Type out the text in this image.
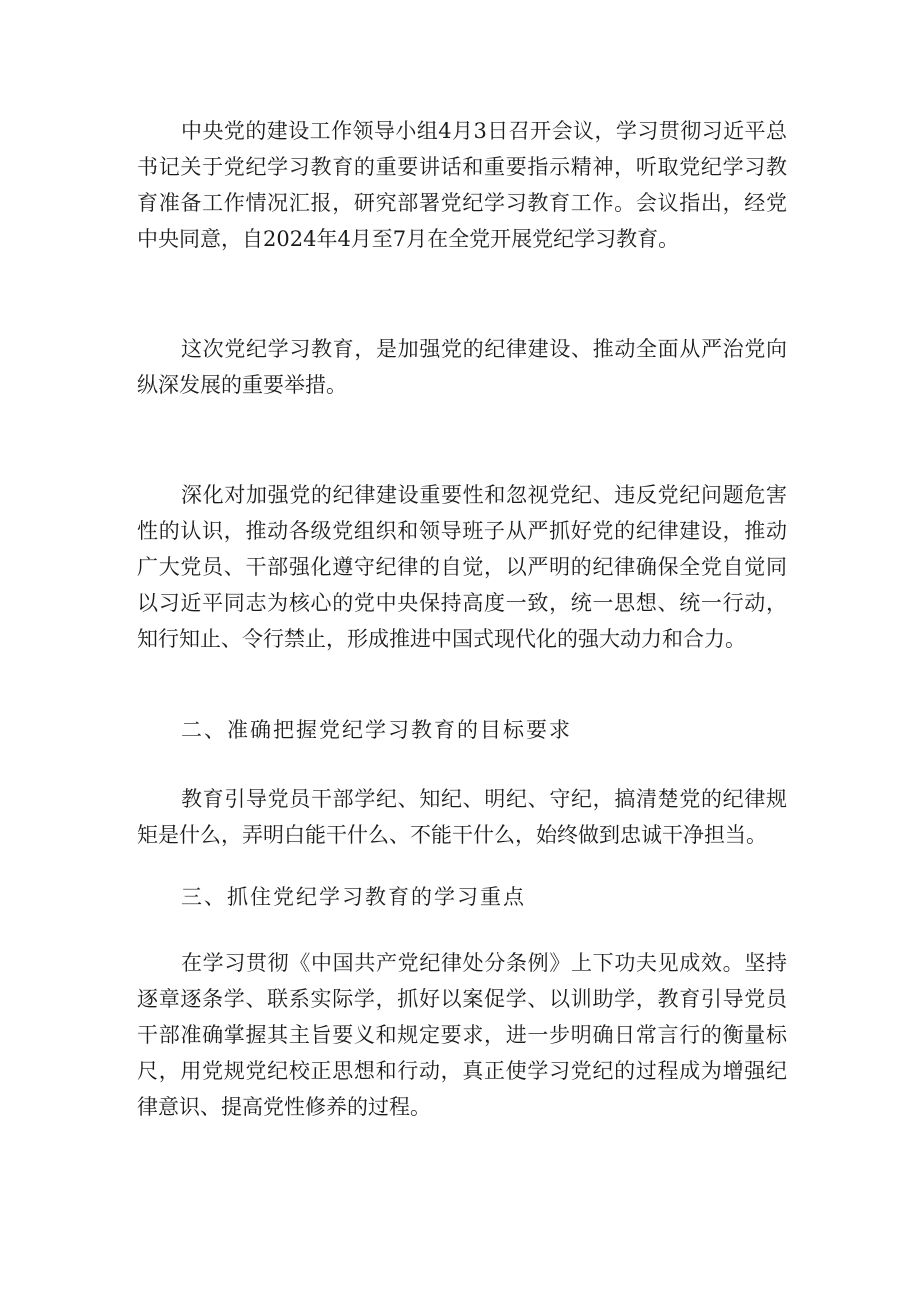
中央党的建设工作领导小组4月3日召开会议，学习贯彻习近平总书记关于党纪学习教育的重要讲话和重要指示精神，听取党纪学习教育准备工作情况汇报，研究部署党纪学习教育工作。会议指出，经党中央同意，自2024年4月至7月在全党开展党纪学习教育。

这次党纪学习教育，是加强党的纪律建设、推动全面从严治党向纵深发展的重要举措。

深化对加强党的纪律建设重要性和忽视党纪、违反党纪问题危害性的认识，推动各级党组织和领导班子从严抓好党的纪律建设，推动广大党员、干部强化遵守纪律的自觉，以严明的纪律确保全党自觉同以习近平同志为核心的党中央保持高度一致，统一思想、统一行动，知行知止、令行禁止，形成推进中国式现代化的强大动力和合力。

二、准确把握党纪学习教育的目标要求

教育引导党员干部学纪、知纪、明纪、守纪，搞清楚党的纪律规矩是什么，弄明白能干什么、不能干什么，始终做到忠诚干净担当。

三、抓住党纪学习教育的学习重点

在学习贯彻《中国共产党纪律处分条例》上下功夫见成效。坚持逐章逐条学、联系实际学，抓好以案促学、以训助学，教育引导党员干部准确掌握其主旨要义和规定要求，进一步明确日常言行的衡量标尺，用党规党纪校正思想和行动，真正使学习党纪的过程成为增强纪律意识、提高党性修养的过程。
